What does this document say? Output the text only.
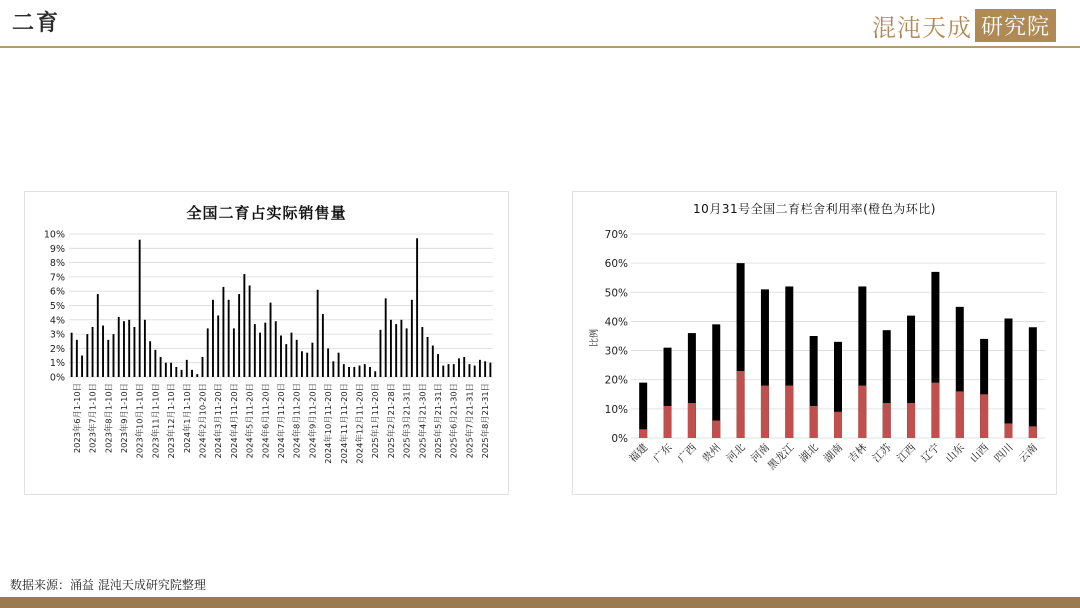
二育	混沌天成 研究院
全国二育占实际销售量
0%
1%
2%
3%
4%
5%
6%
7%
8%
9%
10%
2023年6月1-10日 2023年7月1-10日 2023年8月1-10日 2023年9月1-10日 2023年10月1-10日 2023年11月1-10日 2023年12月1-10日 2024年1月1-10日 2024年2月10-20日 2024年3月11-20日 2024年4月11-20日 2024年5月11-20日 2024年6月11-20日 2024年7月11-20日 2024年8月11-20日 2024年9月11-20日 2024年10月11-20日 2024年11月11-20日 2024年12月11-20日 2025年1月11-20日 2025年2月21-28日 2025年3月21-31日 2025年4月21-30日 2025年5月21-31日 2025年6月21-30日 2025年7月21-31日 2025年8月21-31日
10月31号全国二育栏舍利用率(橙色为环比)
0%
10%
20%
30%
40%
50%
60%
70%
比例
福建 广东 广西 贵州 河北 河南
黑龙江 湖北 湖南 吉林 江苏 江西 辽宁 山东 山西 四川 云南
数据来源：涌益 混沌天成研究院整理
